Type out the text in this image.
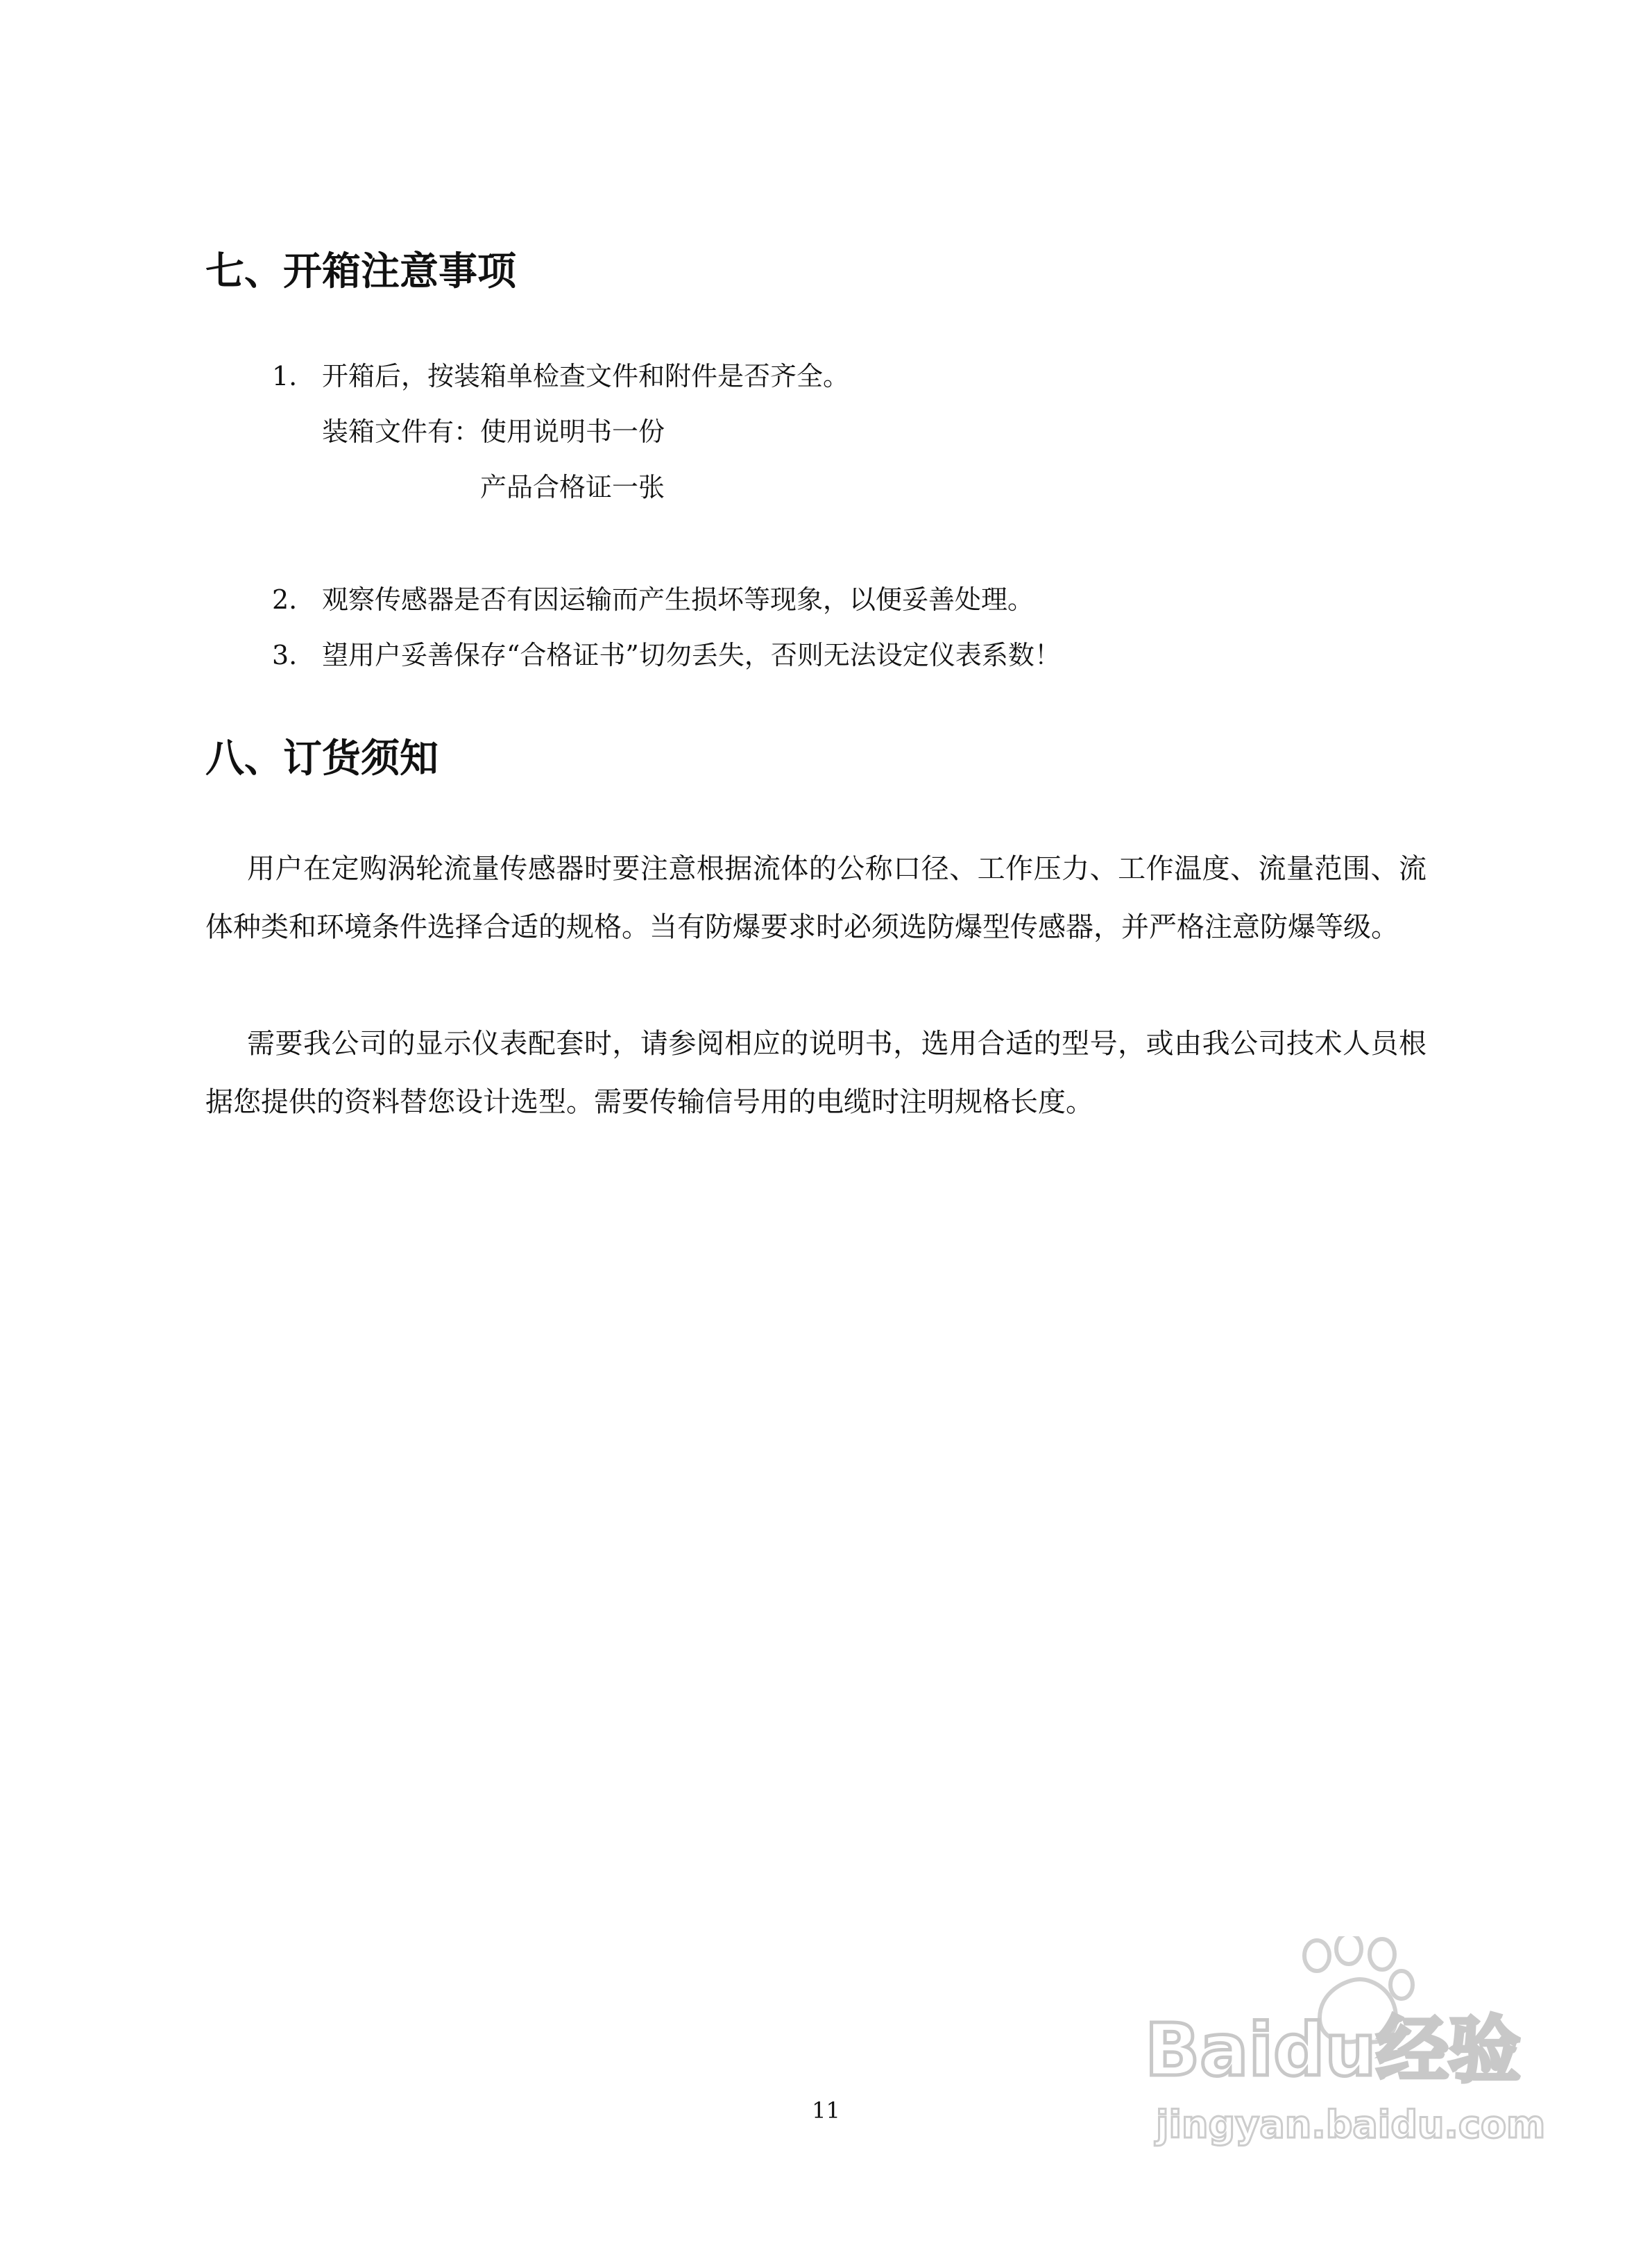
七、开箱注意事项

1. 开箱后，按装箱单检查文件和附件是否齐全。

装箱文件有：使用说明书一份

产品合格证一张

2. 观察传感器是否有因运输而产生损坏等现象，以便妥善处理。

3. 望用户妥善保存“合格证书”切勿丢失，否则无法设定仪表系数！

八、订货须知

用户在定购涡轮流量传感器时要注意根据流体的公称口径、工作压力、工作温度、流量范围、流体种类和环境条件选择合适的规格。当有防爆要求时必须选防爆型传感器，并严格注意防爆等级。

需要我公司的显示仪表配套时，请参阅相应的说明书，选用合适的型号，或由我公司技术人员根据您提供的资料替您设计选型。需要传输信号用的电缆时注明规格长度。

11

Baidu经验
jingyan.baidu.com
